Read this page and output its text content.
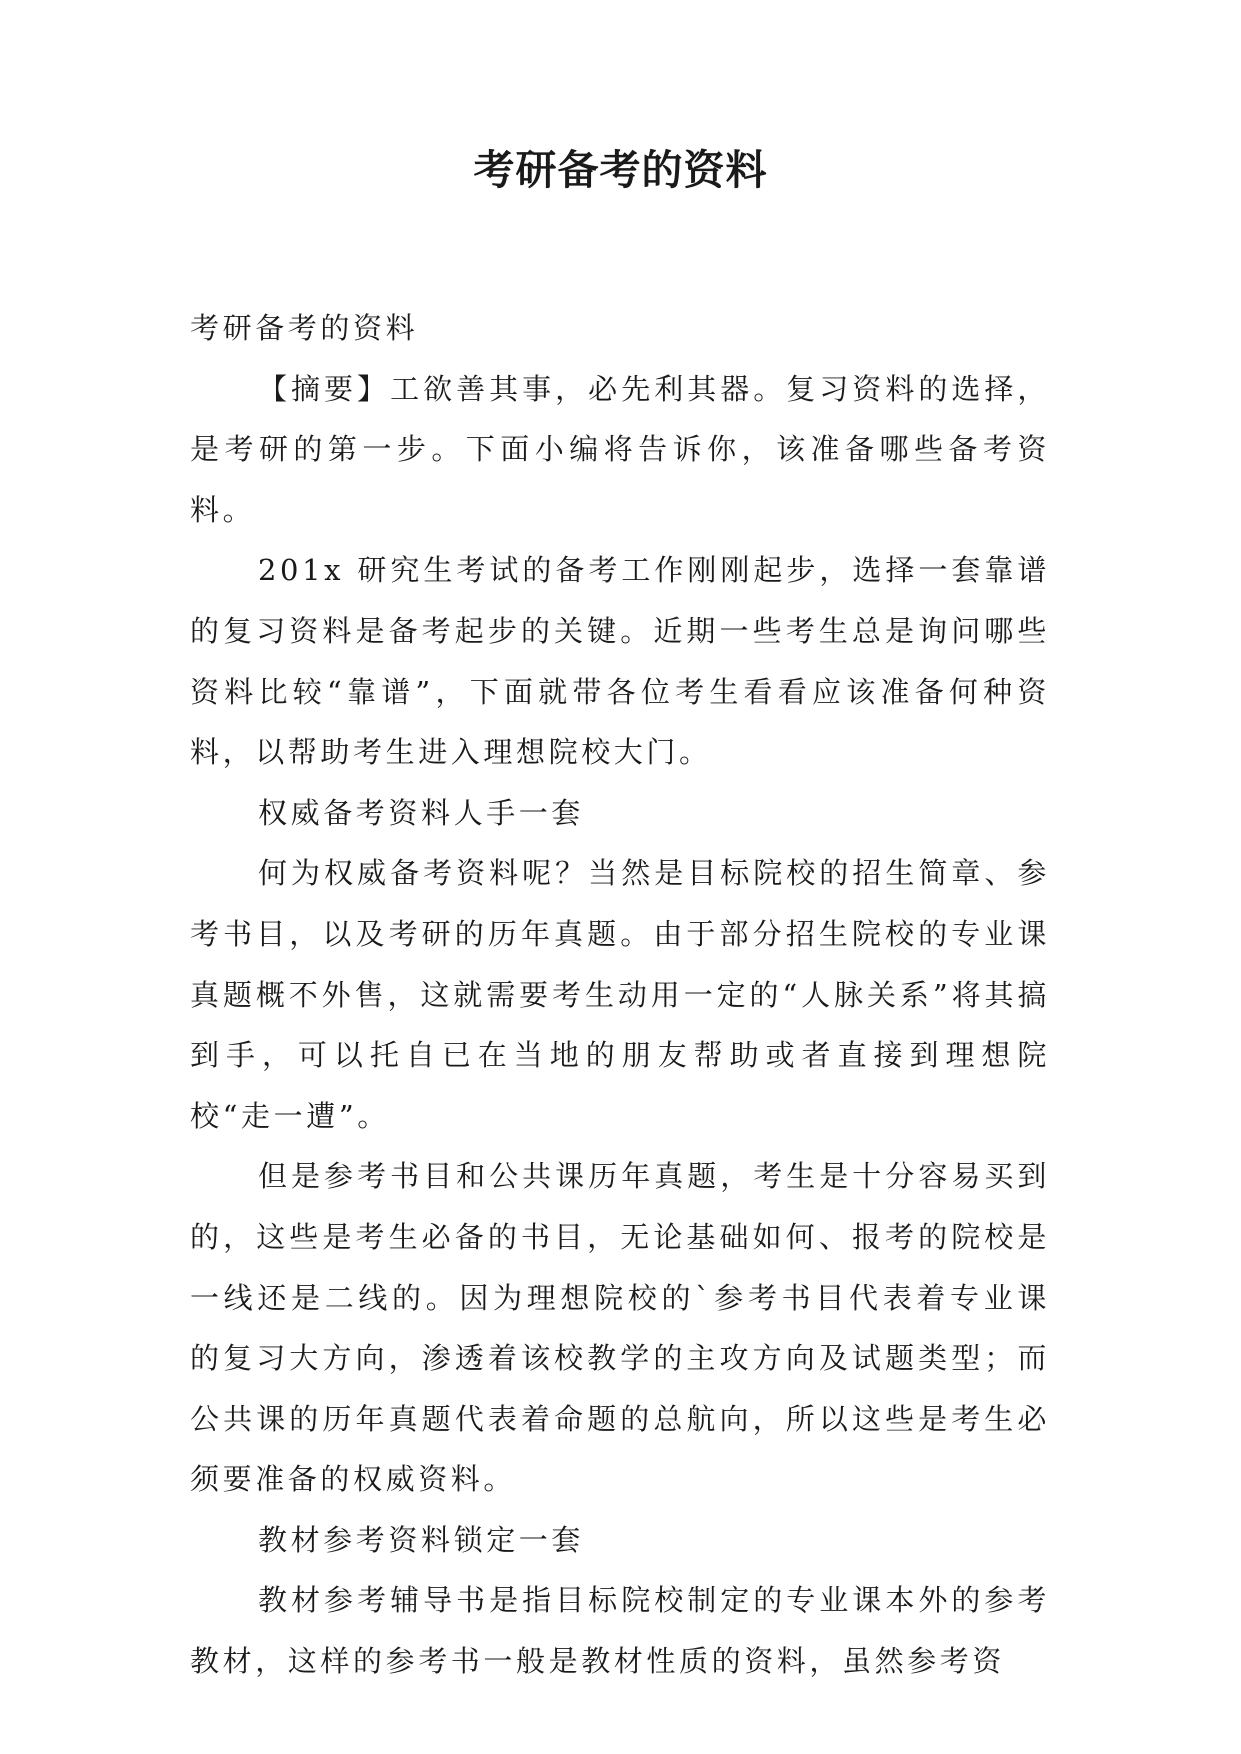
考研备考的资料

考研备考的资料

【摘要】工欲善其事，必先利其器。复习资料的选择，是考研的第一步。下面小编将告诉你，该准备哪些备考资料。

201x 研究生考试的备考工作刚刚起步，选择一套靠谱的复习资料是备考起步的关键。近期一些考生总是询问哪些资料比较“靠谱”，下面就带各位考生看看应该准备何种资料，以帮助考生进入理想院校大门。

权威备考资料人手一套

何为权威备考资料呢？当然是目标院校的招生简章、参考书目，以及考研的历年真题。由于部分招生院校的专业课真题概不外售，这就需要考生动用一定的“人脉关系”将其搞到手，可以托自已在当地的朋友帮助或者直接到理想院校“走一遭”。

但是参考书目和公共课历年真题，考生是十分容易买到的，这些是考生必备的书目，无论基础如何、报考的院校是一线还是二线的。因为理想院校的`参考书目代表着专业课的复习大方向，渗透着该校教学的主攻方向及试题类型；而公共课的历年真题代表着命题的总航向，所以这些是考生必须要准备的权威资料。

教材参考资料锁定一套

教材参考辅导书是指目标院校制定的专业课本外的参考教材，这样的参考书一般是教材性质的资料，虽然参考资
